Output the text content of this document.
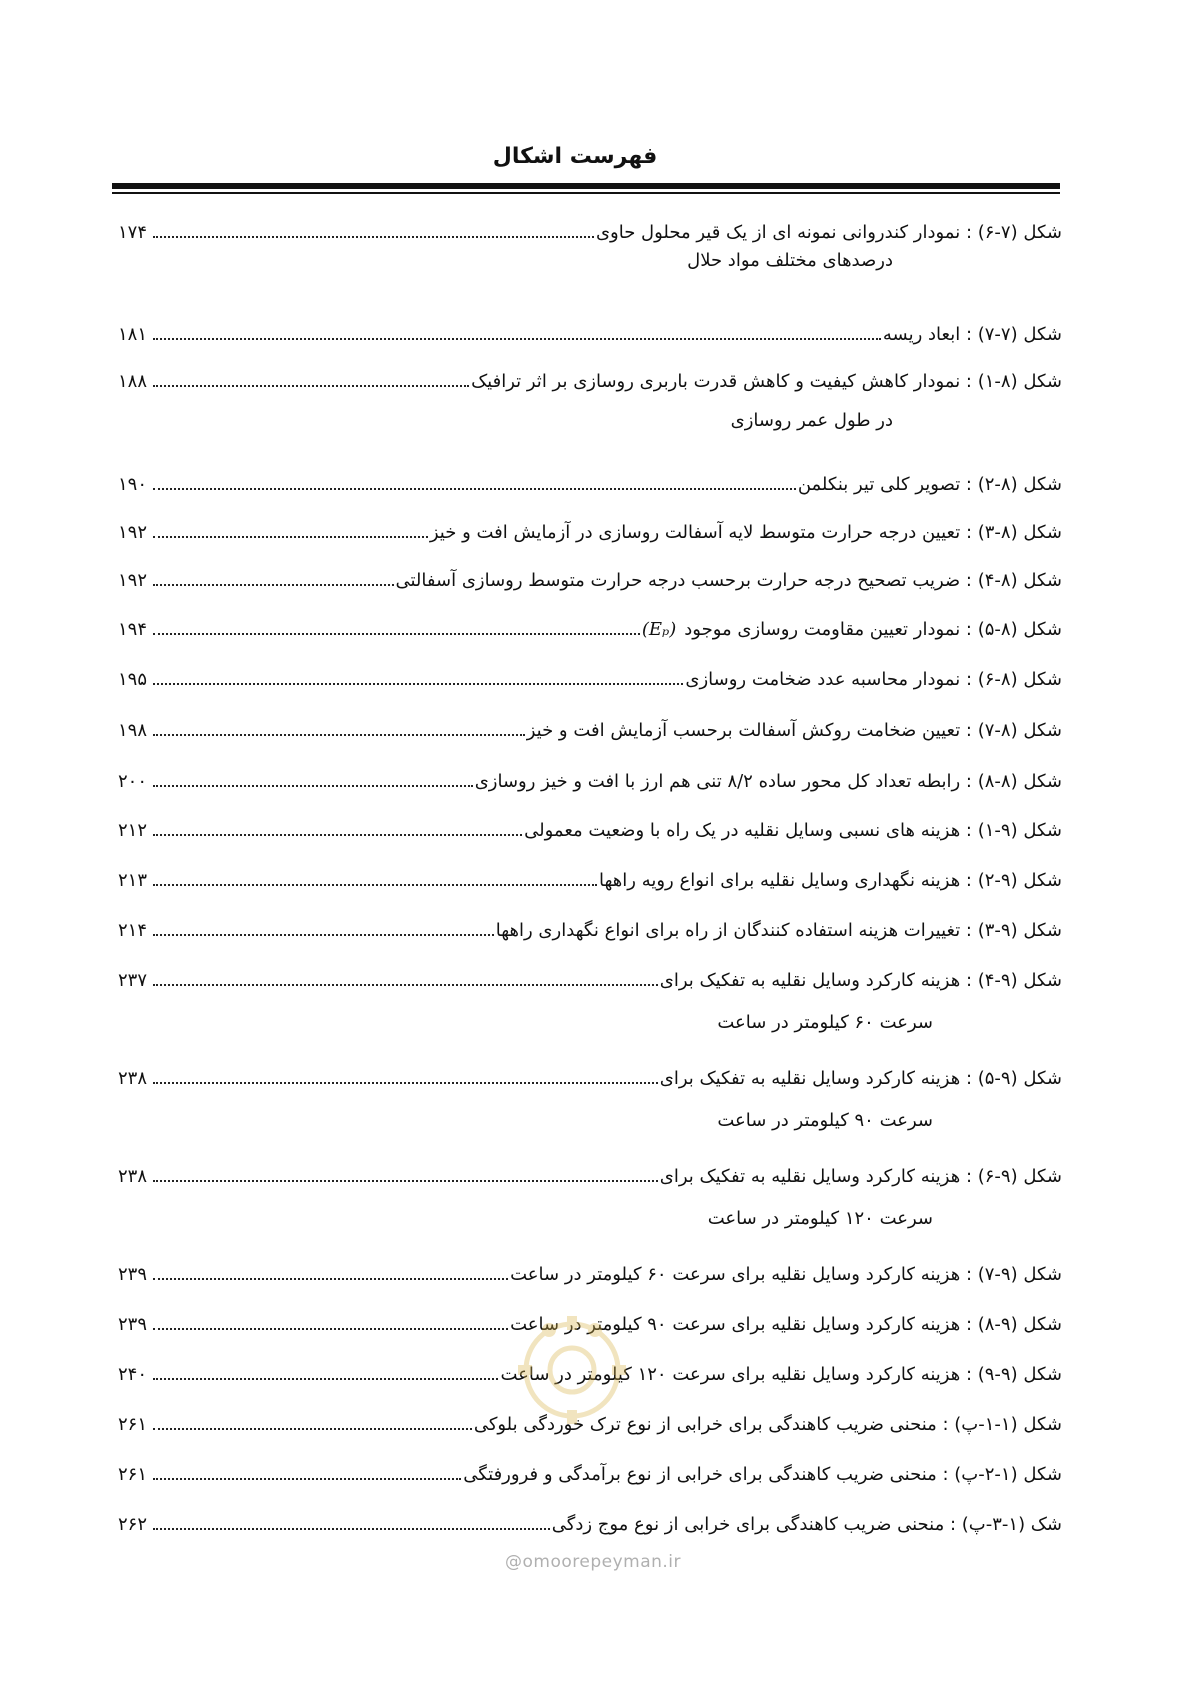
فهرست اشکال
شکل (۷-۶) : نمودار کندروانی نمونه ای از یک قیر محلول حاوی
۱۷۴
درصدهای مختلف مواد حلال
شکل (۷-۷) : ابعاد ریسه
۱۸۱
شکل (۸-۱) : نمودار کاهش کیفیت و کاهش قدرت باربری روسازی بر اثر ترافیک
۱۸۸
در طول عمر روسازی
شکل (۸-۲) : تصویر کلی تیر بنکلمن
۱۹۰
شکل (۸-۳) : تعیین درجه حرارت متوسط لایه آسفالت روسازی در آزمایش افت و خیز
۱۹۲
شکل (۸-۴) : ضریب تصحیح درجه حرارت برحسب درجه حرارت متوسط روسازی آسفالتی
۱۹۲
شکل (۸-۵) : نمودار تعیین مقاومت روسازی موجود
(Eₚ)
۱۹۴
شکل (۸-۶) : نمودار محاسبه عدد ضخامت روسازی
۱۹۵
شکل (۸-۷) : تعیین ضخامت روکش آسفالت برحسب آزمایش افت و خیز
۱۹۸
شکل (۸-۸) : رابطه تعداد کل محور ساده ۸/۲ تنی هم ارز با افت و خیز روسازی
۲۰۰
شکل (۹-۱) : هزینه های نسبی وسایل نقلیه در یک راه با وضعیت معمولی
۲۱۲
شکل (۹-۲) : هزینه نگهداری وسایل نقلیه برای انواع رویه راهها
۲۱۳
شکل (۹-۳) : تغییرات هزینه استفاده کنندگان از راه برای انواع نگهداری راهها
۲۱۴
شکل (۹-۴) : هزینه کارکرد وسایل نقلیه به تفکیک برای
۲۳۷
سرعت ۶۰ کیلومتر در ساعت
شکل (۹-۵) : هزینه کارکرد وسایل نقلیه به تفکیک برای
۲۳۸
سرعت ۹۰ کیلومتر در ساعت
شکل (۹-۶) : هزینه کارکرد وسایل نقلیه به تفکیک برای
۲۳۸
سرعت ۱۲۰ کیلومتر در ساعت
شکل (۹-۷) : هزینه کارکرد وسایل نقلیه برای سرعت ۶۰ کیلومتر در ساعت
۲۳۹
شکل (۹-۸) : هزینه کارکرد وسایل نقلیه برای سرعت ۹۰ کیلومتر در ساعت
۲۳۹
شکل (۹-۹) : هزینه کارکرد وسایل نقلیه برای سرعت ۱۲۰ کیلومتر در ساعت
۲۴۰
شکل (۱-۱-پ) : منحنی ضریب کاهندگی برای خرابی از نوع ترک خوردگی بلوکی
۲۶۱
شکل (۱-۲-پ) : منحنی ضریب کاهندگی برای خرابی از نوع برآمدگی و فرورفتگی
۲۶۱
شک (۱-۳-پ) : منحنی ضریب کاهندگی برای خرابی از نوع موج زدگی
۲۶۲
@omoorepeyman.ir
